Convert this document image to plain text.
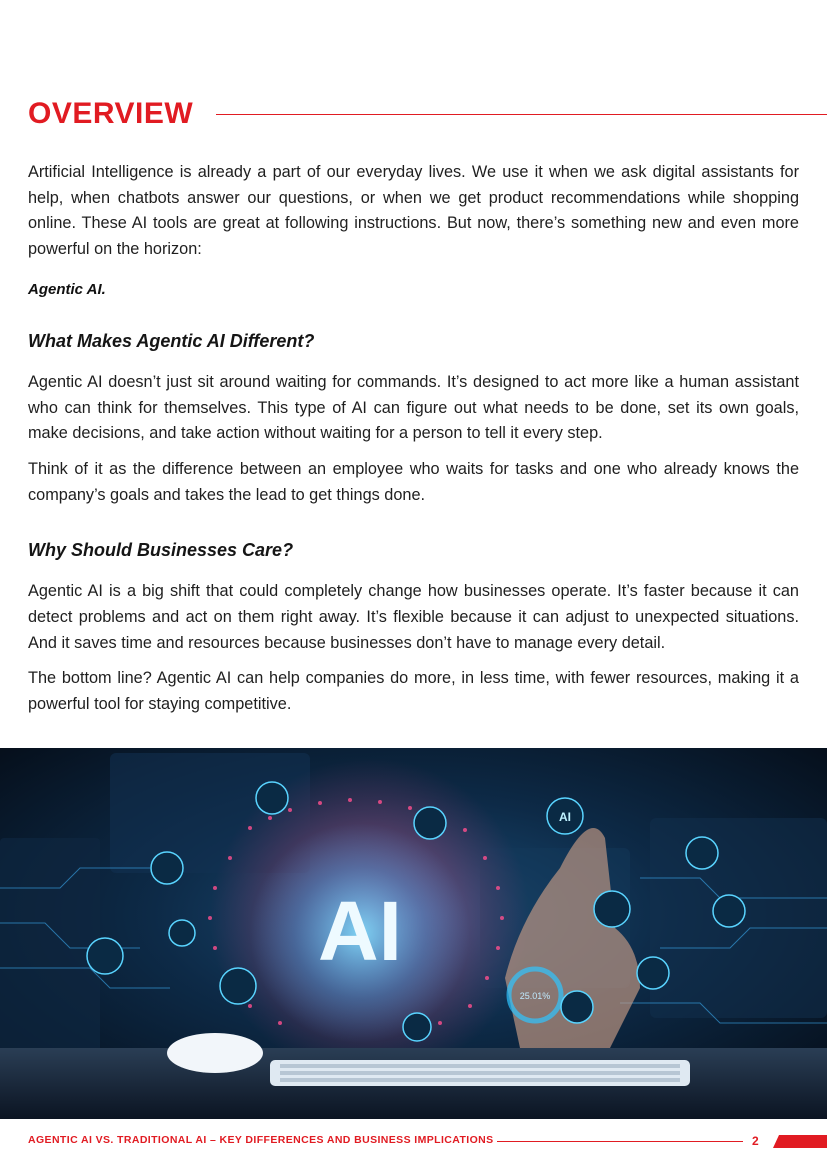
OVERVIEW

Artificial Intelligence is already a part of our everyday lives. We use it when we ask digital assistants for help, when chatbots answer our questions, or when we get product recommendations while shopping online. These AI tools are great at following instructions. But now, there’s something new and even more powerful on the horizon:

Agentic AI.

What Makes Agentic AI Different?

Agentic AI doesn’t just sit around waiting for commands. It’s designed to act more like a human assistant who can think for themselves. This type of AI can figure out what needs to be done, set its own goals, make decisions, and take action without waiting for a person to tell it every step.

Think of it as the difference between an employee who waits for tasks and one who already knows the company’s goals and takes the lead to get things done.

Why Should Businesses Care?

Agentic AI is a big shift that could completely change how businesses operate. It’s faster because it can detect problems and act on them right away. It’s flexible because it can adjust to unexpected situations. And it saves time and resources because businesses don’t have to manage every detail.

The bottom line? Agentic AI can help companies do more, in less time, with fewer resources, making it a powerful tool for staying competitive.

AI
25.01%
AI
AGENTIC AI VS. TRADITIONAL AI – KEY DIFFERENCES AND BUSINESS IMPLICATIONS	2
